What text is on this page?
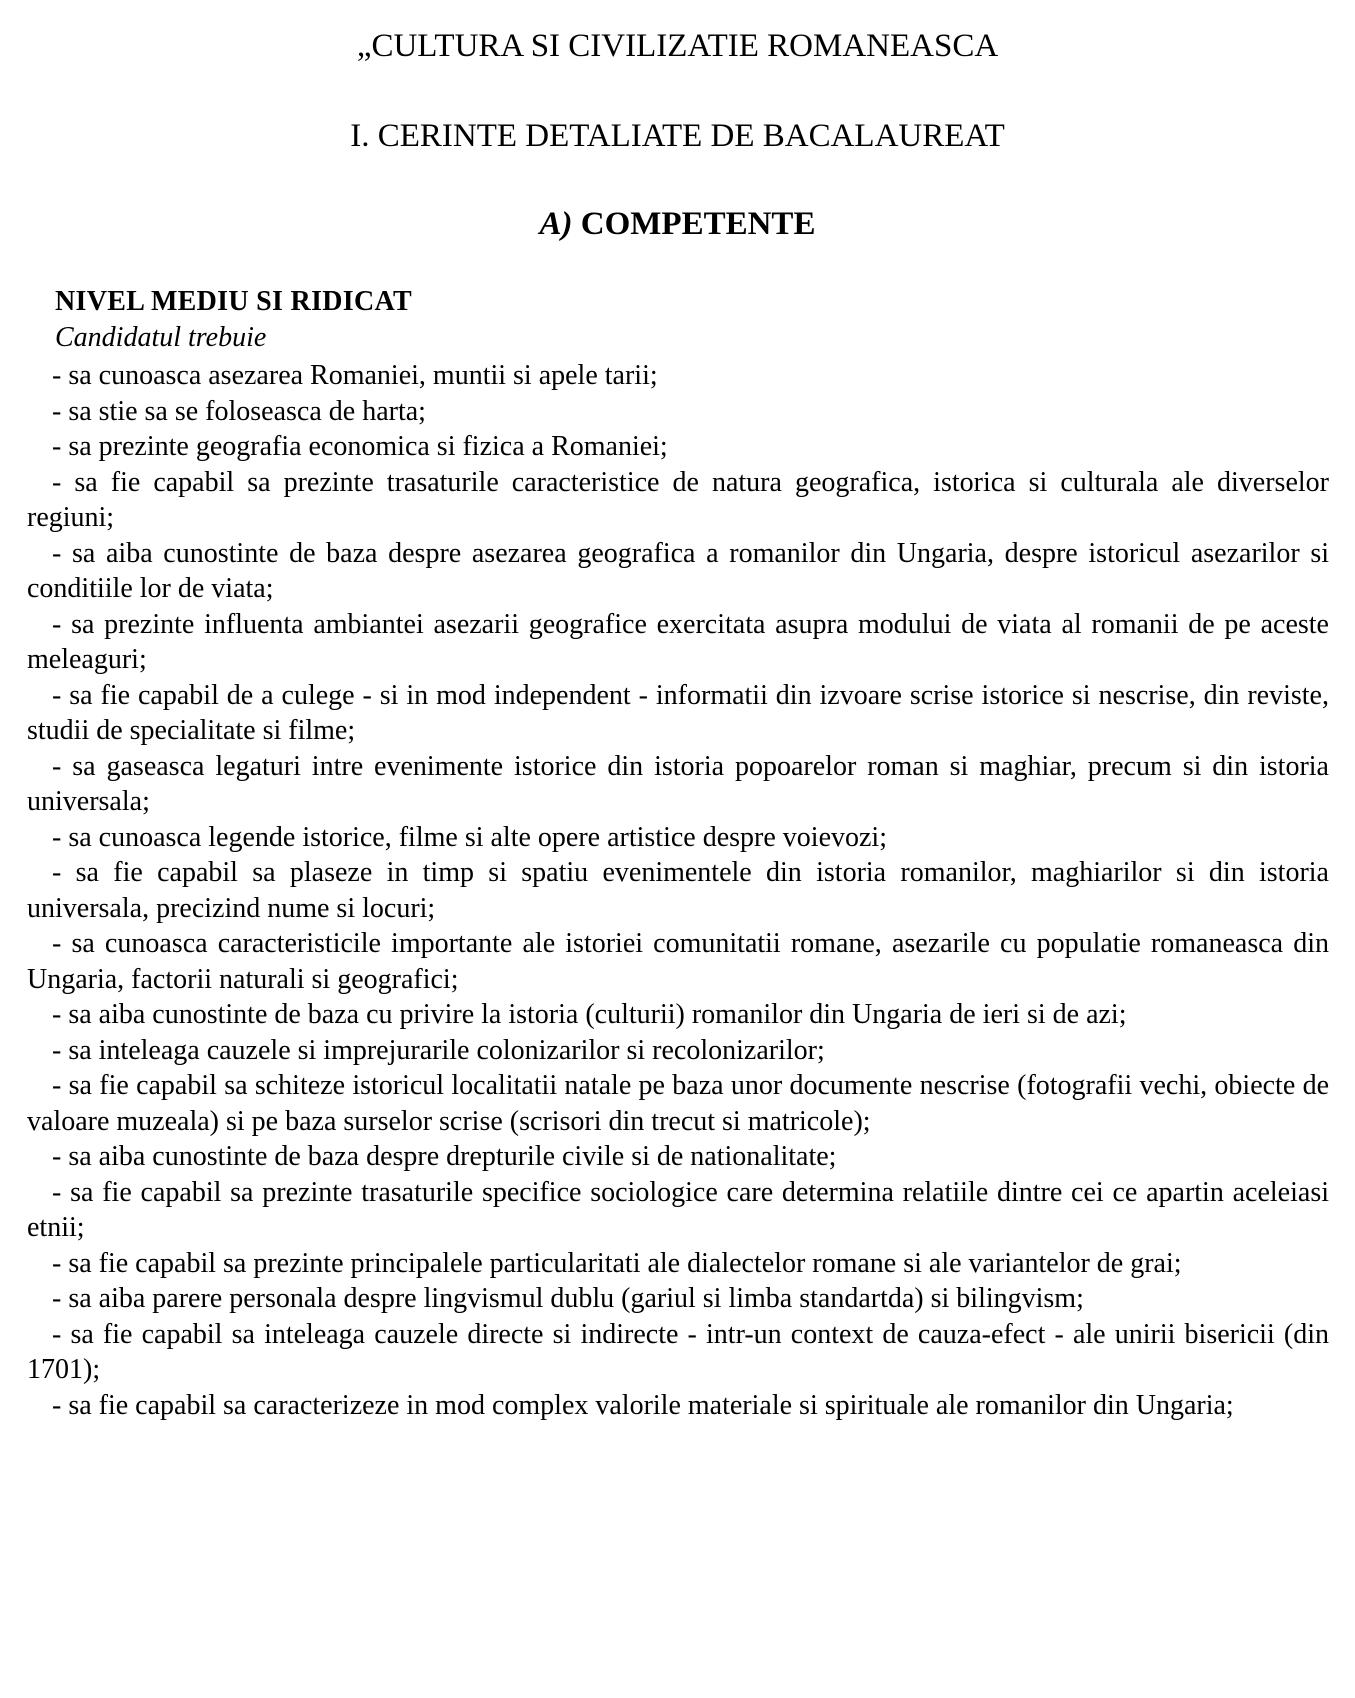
„CULTURA SI CIVILIZATIE ROMANEASCA
I. CERINTE DETALIATE DE BACALAUREAT
A) COMPETENTE

NIVEL MEDIU SI RIDICAT

Candidatul trebuie

- sa cunoasca asezarea Romaniei, muntii si apele tarii;
- sa stie sa se foloseasca de harta;
- sa prezinte geografia economica si fizica a Romaniei;
- sa fie capabil sa prezinte trasaturile caracteristice de natura geografica, istorica si culturala ale diverselor regiuni;
- sa aiba cunostinte de baza despre asezarea geografica a romanilor din Ungaria, despre istoricul asezarilor si conditiile lor de viata;
- sa prezinte influenta ambiantei asezarii geografice exercitata asupra modului de viata al romanii de pe aceste meleaguri;
- sa fie capabil de a culege - si in mod independent - informatii din izvoare scrise istorice si nescrise, din reviste, studii de specialitate si filme;
- sa gaseasca legaturi intre evenimente istorice din istoria popoarelor roman si maghiar, precum si din istoria universala;
- sa cunoasca legende istorice, filme si alte opere artistice despre voievozi;
- sa fie capabil sa plaseze in timp si spatiu evenimentele din istoria romanilor, maghiarilor si din istoria universala, precizind nume si locuri;
- sa cunoasca caracteristicile importante ale istoriei comunitatii romane, asezarile cu populatie romaneasca din Ungaria, factorii naturali si geografici;
- sa aiba cunostinte de baza cu privire la istoria (culturii) romanilor din Ungaria de ieri si de azi;
- sa inteleaga cauzele si imprejurarile colonizarilor si recolonizarilor;
- sa fie capabil sa schiteze istoricul localitatii natale pe baza unor documente nescrise (fotografii vechi, obiecte de valoare muzeala) si pe baza surselor scrise (scrisori din trecut si matricole);
- sa aiba cunostinte de baza despre drepturile civile si de nationalitate;
- sa fie capabil sa prezinte trasaturile specifice sociologice care determina relatiile dintre cei ce apartin aceleiasi etnii;
- sa fie capabil sa prezinte principalele particularitati ale dialectelor romane si ale variantelor de grai;
- sa aiba parere personala despre lingvismul dublu (gariul si limba standartda) si bilingvism;
- sa fie capabil sa inteleaga cauzele directe si indirecte - intr-un context de cauza-efect - ale unirii bisericii (din 1701);
- sa fie capabil sa caracterizeze in mod complex valorile materiale si spirituale ale romanilor din Ungaria;
